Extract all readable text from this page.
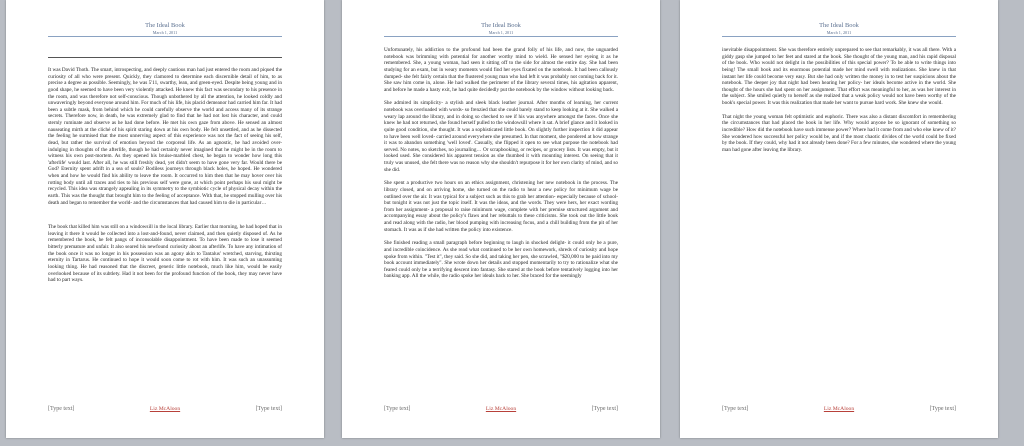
The Ideal Book
March 1, 2011

It was David Thoth. The smart, introspecting, and deeply cautious man had just entered the room and piqued the curiosity of all who were present. Quickly, they clamored to determine each discernible detail of him, to as precise a degree as possible. Seemingly, he was 5'11, swarthy, lean, and green-eyed. Despite being young and in good shape, he seemed to have been very violently attacked. He knew this fact was secondary to his presence in the room, and was therefore not self-conscious. Though unbothered by all the attention, he looked coldly and unwaveringly beyond everyone around him. For much of his life, his placid demeanor had carried him far. It had been a subtle mask, from behind which he could carefully observe the world and access many of its strange secrets. Therefore now, in death, he was extremely glad to find that he had not lost his character, and could sternly ruminate and observe as he had done before. He met his own gaze from above. He sensed an almost nauseating mirth at the cliché of his spirit staring down at his own body. He felt unsettled, and as he dissected the feeling he surmised that the most unnerving aspect of this experience was not the fact of seeing his self, dead, but rather the survival of emotion beyond the corporeal life. As an agnostic, he had avoided over-indulging in thoughts of the afterlife, though he had certainly never imagined that he might be in the room to witness his own post-mortem. As they opened his bruise-marbled chest, he began to wonder how long this 'afterlife' would last. After all, he was still freshly dead, yet didn't seem to have gone very far. Would there be God? Eternity spent adrift in a sea of souls? Bodiless journeys through black holes, he hoped. He wondered when and how he would find his ability to leave the room. It occurred to him then that he may hover over his rotting body until all traces and ties to his previous self were gone, at which point perhaps his soul might be recycled. This idea was strangely appealing in its symmetry to the symbiotic cycle of physical decay within the earth. This was the thought that brought him to the feeling of acceptance. With that, he stopped mulling over his death and began to remember the world- and the circumstances that had caused him to die in particular…

The book that killed him was still on a windowsill in the local library. Earlier that morning, he had hoped that in leaving it there it would be collected into a lost-and-found, never claimed, and then quietly disposed of. As he remembered the book, he felt pangs of inconsolable disappointment. To have been made to lose it seemed bitterly premature and unfair. It also seared his newfound curiosity about an afterlife. To have any intimation of the book once it was no longer in his possession was an agony akin to Tantalus' wretched, starving, thirsting eternity in Tartarus. He continued to hope it would soon come to rot with him. It was such an unassuming looking thing. He had reasoned that the discreet, generic little notebook, much like him, would be easily overlooked because of its subtlety. Had it not been for the profound function of the book, they may never have had to part ways.

[Type text]	Liz McAloon	[Type text]
The Ideal Book
March 1, 2011

Unfortunately, his addiction to the profound had been the grand folly of his life, and now, the unguarded notebook was brimming with potential for another worthy mind to wield. He sensed her eyeing it as he remembered. She, a young woman, had seen it sitting off to the side for almost the entire day. She had been studying for an exam, but in weary moments would find her eyes fixated on the notebook. It had been callously dumped- she felt fairly certain that the flustered young man who had left it was probably not coming back for it. She saw him come in, alone. He had walked the perimeter of the library several times, his agitation apparent, and before he made a hasty exit, he had quite decidedly put the notebook by the window without looking back.

She admired its simplicity- a stylish and sleek black leather journal. After months of learning, her current notebook was overloaded with words- so frenzied that she could barely stand to keep looking at it. She walked a weary lap around the library, and in doing so checked to see if his was anywhere amongst the faces. Once she knew he had not returned, she found herself pulled to the windowsill where it sat. A brief glance and it looked in quite good condition, she thought. It was a sophisticated little book. On slightly further inspection it did appear to have been well loved- carried around everywhere she presumed. In that moment, she pondered at how strange it was to abandon something 'well loved'. Casually, she flipped it open to see what purpose the notebook had served. No notes, no sketches, no journaling… Or scrapbooking, or recipes, or grocery lists. It was empty, but it looked used. She considered his apparent tension as she thumbed it with mounting interest. On seeing that it truly was unused, she felt there was no reason why she shouldn't repurpose it for her own clarity of mind, and so she did.

She spent a productive two hours on an ethics assignment, christening her new notebook in the process. The library closed, and on arriving home, she turned on the radio to hear a new policy for minimum wage be outlined over the air. It was typical for a subject such as this to grab her attention- especially because of school- but tonight it was not just the topic itself. It was the ideas, and the words. They were hers, her exact wording from her assignment- a proposal to raise minimum wage, complete with her premise structured argument and accompanying essay about the policy's flaws and her rebuttals to these criticisms. She took out the little book and read along with the radio, her blood pumping with increasing focus, and a chill building from the pit of her stomach. It was as if she had written the policy into existence.

She finished reading a small paragraph before beginning to laugh in shocked delight- it could only be a pure, and incredible coincidence. As she read what continued to be her own homework, shreds of curiosity and hope spoke from within. "Test it", they said. So she did, and taking her pen, she scrawled, "$20,000 to be paid into my book account immediately". She wrote down her details and stopped momentarily to try to rationalize what she feared could only be a terrifying descent into fantasy. She stared at the book before tentatively logging into her banking app. All the while, the radio spoke her ideals back to her. She braced for the seemingly

[Type text]	Liz McAloon	[Type text]
The Ideal Book
March 1, 2011

inevitable disappointment. She was therefore entirely unprepared to see that remarkably, it was all there. With a giddy gasp she jumped to her feet and stared at the book. She thought of the young man, and his rapid disposal of the book. Who would not delight in the possibilities of this special power? To be able to write things into being! The small book and its enormous potential made her mind swell with realizations. She knew in that instant her life could become very easy. But she had only written the money in to test her suspicions about the notebook. The deeper joy that night had been hearing her policy- her ideals become active in the world. She thought of the hours she had spent on her assignment. That effort was meaningful to her, as was her interest in the subject. She smiled quietly to herself as she realized that a weak policy would not have been worthy of the book's special power. It was this realization that made her want to pursue hard work. She knew she would.

That night the young woman felt optimistic and euphoric. There was also a distant discomfort in remembering the circumstances that had placed the book in her life. Why would anyone be so ignorant of something so incredible? How did the notebook have such immense power? Where had it come from and who else knew of it? She wondered how successful her policy would be, and if the most chaotic divides of the world could be fixed by the book. If they could, why had it not already been done? For a few minutes, she wondered where the young man had gone after leaving the library.

[Type text]	Liz McAloon	[Type text]
